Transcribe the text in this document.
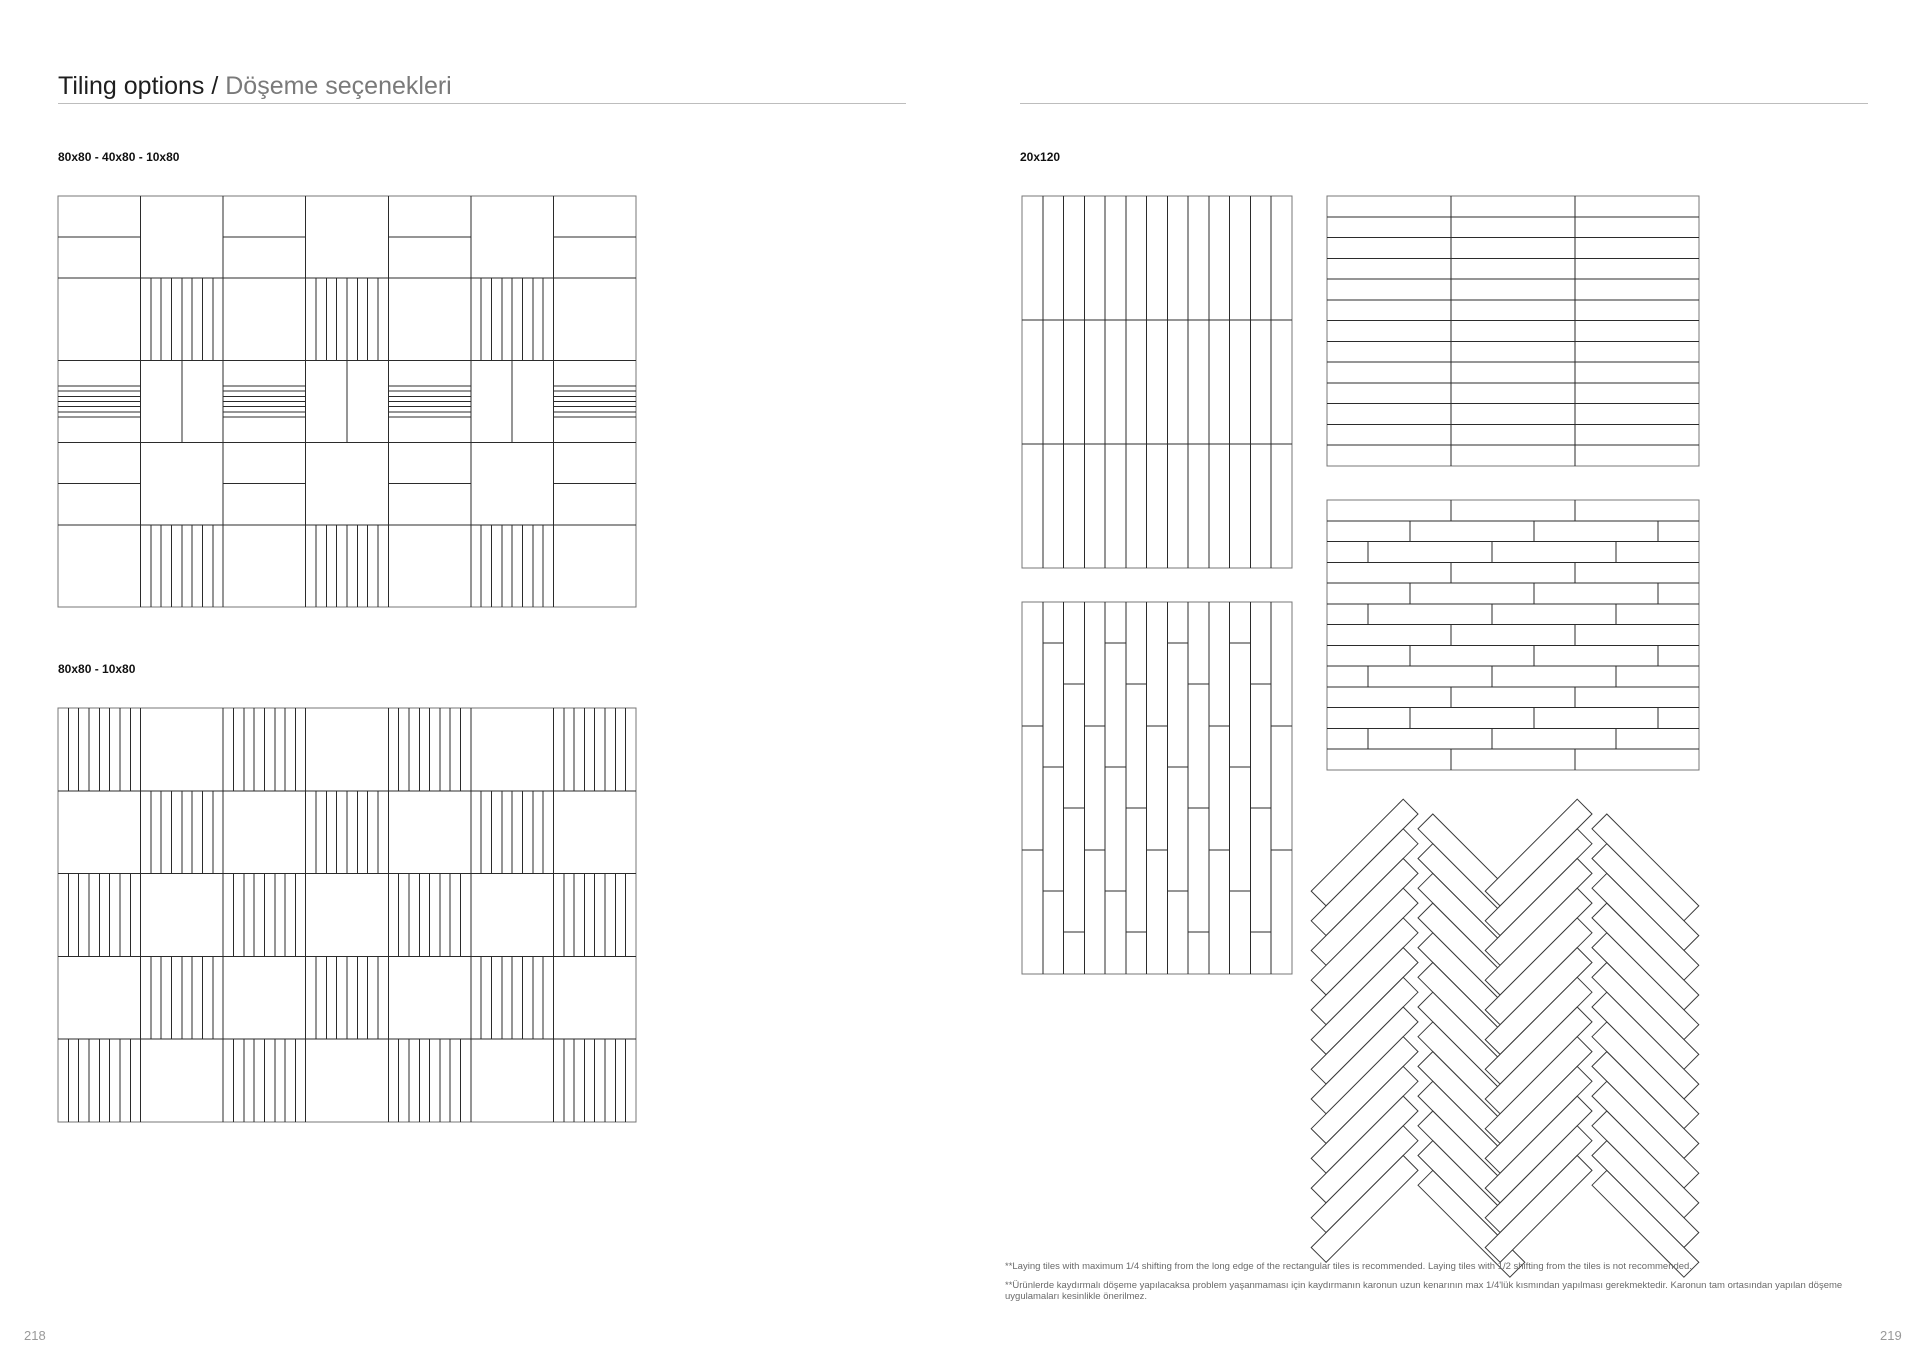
Tiling options / Döşeme seçenekleri
80x80 - 40x80 - 10x80
80x80 - 10x80
20x120

**Laying tiles with maximum 1/4 shifting from the long edge of the rectangular tiles is recommended. Laying tiles with 1/2 shifting from the tiles is not recommended.

**Ürünlerde kaydırmalı döşeme yapılacaksa problem yaşanmaması için kaydırmanın karonun uzun kenarının max 1/4'lük kısmından yapılması gerekmektedir. Karonun tam ortasından yapılan döşeme uygulamaları kesinlikle önerilmez.

218	219
